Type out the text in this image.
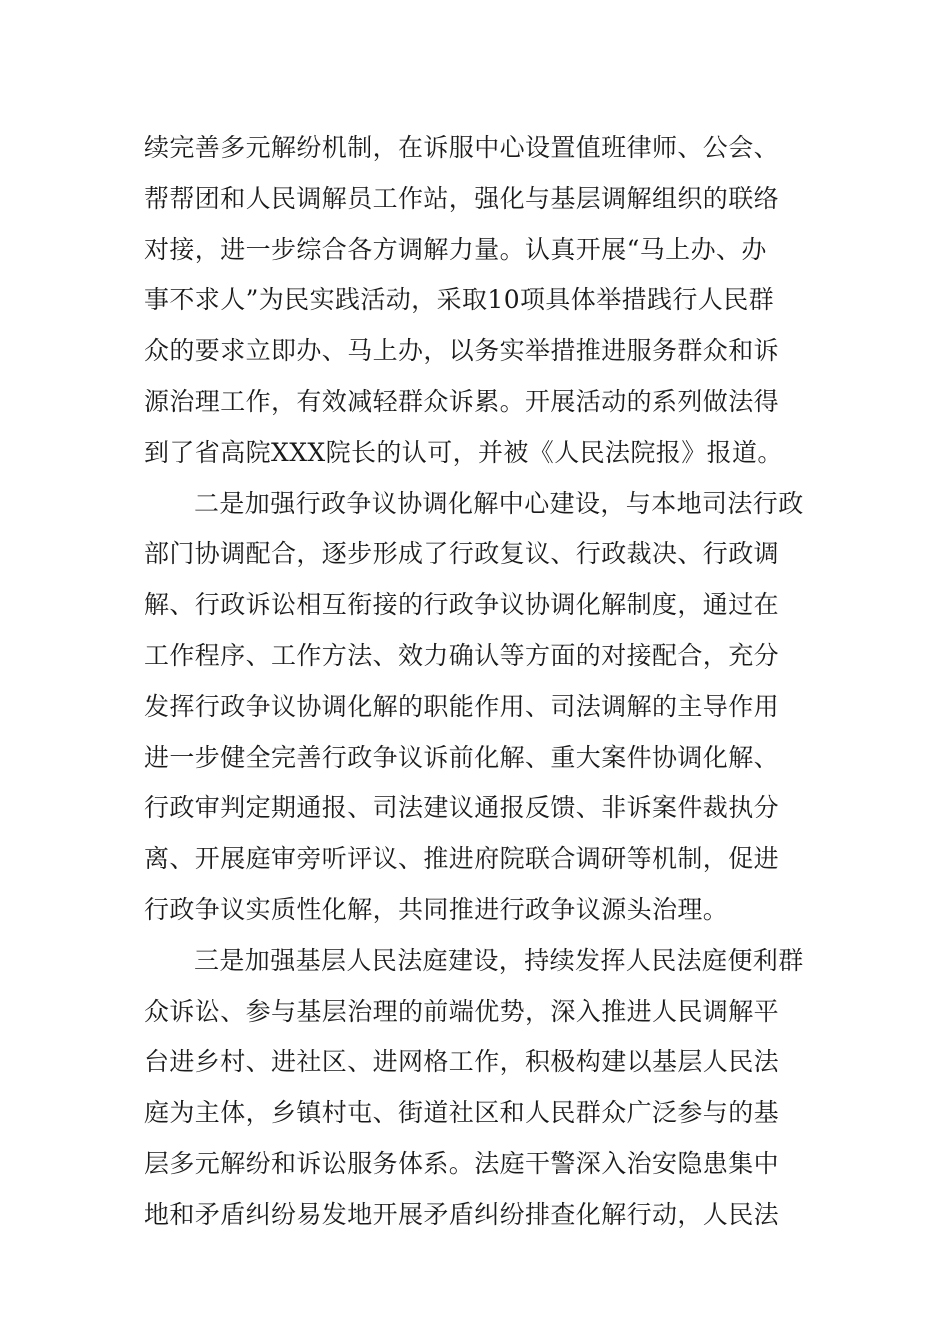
续完善多元解纷机制，在诉服中心设置值班律师、公会、
帮帮团和人民调解员工作站，强化与基层调解组织的联络
对接，进一步综合各方调解力量。认真开展“马上办、办
事不求人”为民实践活动，采取10项具体举措践行人民群
众的要求立即办、马上办，以务实举措推进服务群众和诉
源治理工作，有效减轻群众诉累。开展活动的系列做法得
到了省高院XXX院长的认可，并被《人民法院报》报道。
二是加强行政争议协调化解中心建设，与本地司法行政
部门协调配合，逐步形成了行政复议、行政裁决、行政调
解、行政诉讼相互衔接的行政争议协调化解制度，通过在
工作程序、工作方法、效力确认等方面的对接配合，充分
发挥行政争议协调化解的职能作用、司法调解的主导作用
进一步健全完善行政争议诉前化解、重大案件协调化解、
行政审判定期通报、司法建议通报反馈、非诉案件裁执分
离、开展庭审旁听评议、推进府院联合调研等机制，促进
行政争议实质性化解，共同推进行政争议源头治理。
三是加强基层人民法庭建设，持续发挥人民法庭便利群
众诉讼、参与基层治理的前端优势，深入推进人民调解平
台进乡村、进社区、进网格工作，积极构建以基层人民法
庭为主体，乡镇村屯、街道社区和人民群众广泛参与的基
层多元解纷和诉讼服务体系。法庭干警深入治安隐患集中
地和矛盾纠纷易发地开展矛盾纠纷排查化解行动，人民法
